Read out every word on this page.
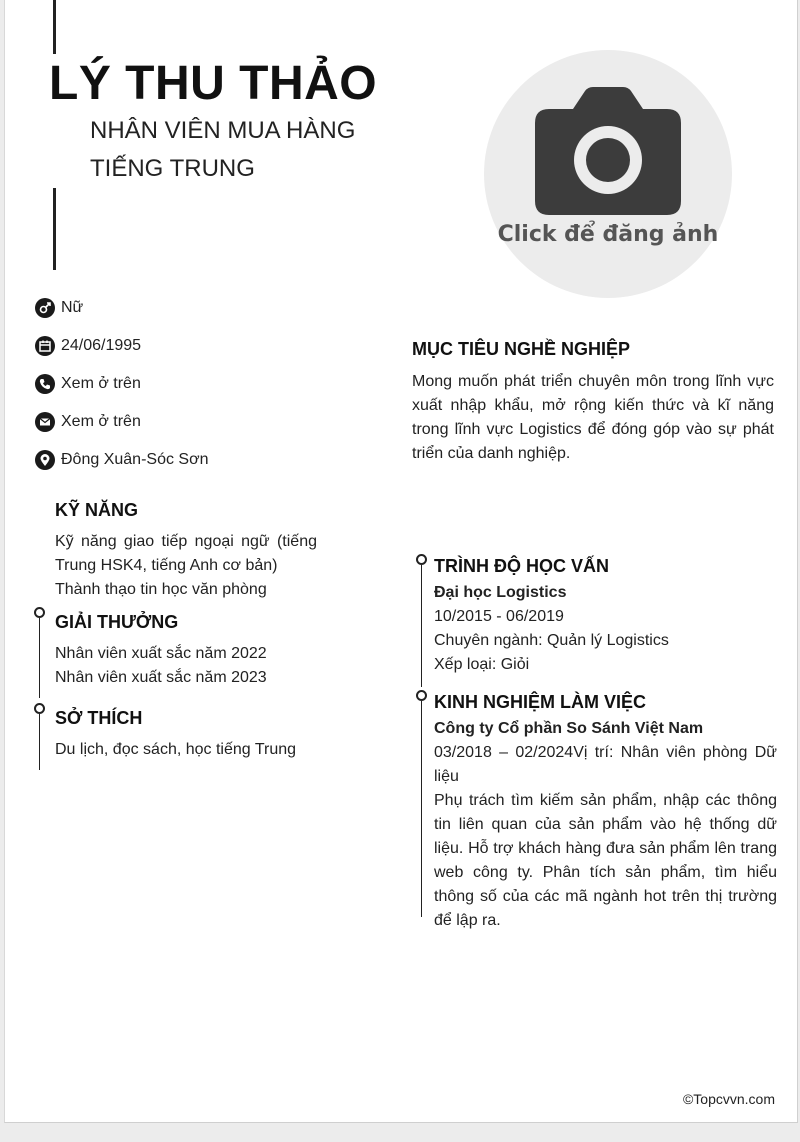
LÝ THU THẢO
NHÂN VIÊN MUA HÀNG TIẾNG TRUNG
Click để đăng ảnh
Nữ
24/06/1995
Xem ở trên
Xem ở trên
Đông Xuân-Sóc Sơn
KỸ NĂNG
Kỹ năng giao tiếp ngoại ngữ (tiếng Trung HSK4, tiếng Anh cơ bản)
Thành thạo tin học văn phòng
GIẢI THƯỞNG
Nhân viên xuất sắc năm 2022
Nhân viên xuất sắc năm 2023
SỞ THÍCH
Du lịch, đọc sách, học tiếng Trung
MỤC TIÊU NGHỀ NGHIỆP
Mong muốn phát triển chuyên môn trong lĩnh vực xuất nhập khẩu, mở rộng kiến thức và kĩ năng trong lĩnh vực Logistics để đóng góp vào sự phát triển của danh nghiệp.
TRÌNH ĐỘ HỌC VẤN
Đại học Logistics
10/2015 - 06/2019
Chuyên ngành: Quản lý Logistics
Xếp loại: Giỏi
KINH NGHIỆM LÀM VIỆC
Công ty Cổ phần So Sánh Việt Nam
03/2018 – 02/2024Vị trí: Nhân viên phòng Dữ liệu
Phụ trách tìm kiếm sản phẩm, nhập các thông tin liên quan của sản phẩm vào hệ thống dữ liệu. Hỗ trợ khách hàng đưa sản phẩm lên trang web công ty. Phân tích sản phẩm, tìm hiểu thông số của các mã ngành hot trên thị trường để lập ra.
©Topcvvn.com
